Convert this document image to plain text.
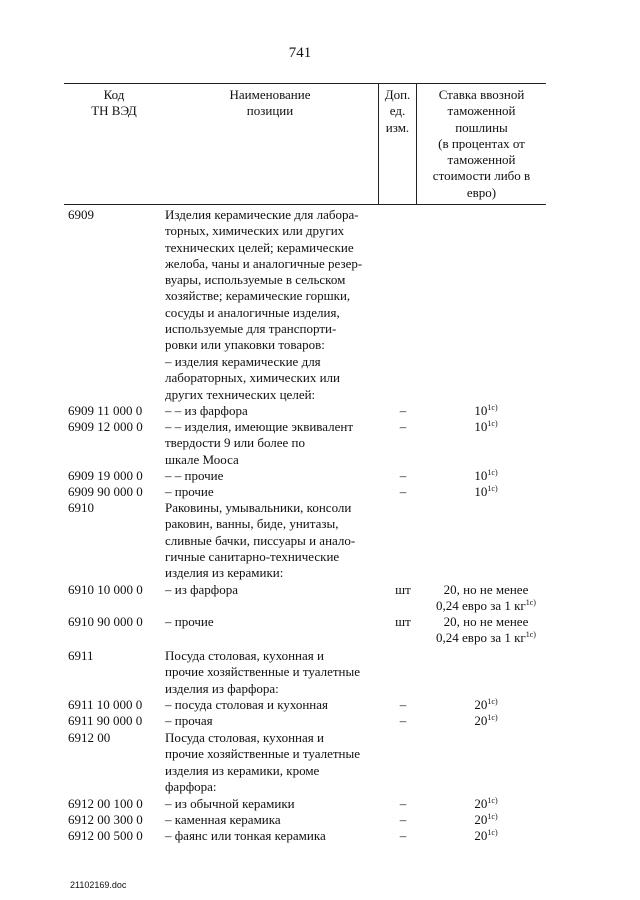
741
Код
ТН ВЭД
Наименование
позиции
Доп.
ед.
изм.
Ставка ввозной
таможенной
пошлины
(в процентах от
таможенной
стоимости либо в
евро)
6909	Изделия керамические для лабора-
торных, химических или других
технических целей; керамические
желоба, чаны и аналогичные резер-
вуары, используемые в сельском
хозяйстве; керамические горшки,
сосуды и аналогичные изделия,
используемые для транспорти-
ровки или упаковки товаров:
– изделия керамические для
лабораторных, химических или
других технических целей:
6909 11 000 0 – – из фарфора	–	$10^{1c)}$
6909 12 000 0 – – изделия, имеющие эквивалент
твердости 9 или более по
шкале Мооса
–	$10^{1c)}$
6909 19 000 0 – – прочие	–	$10^{1c)}$
6909 90 000 0 – прочие	–	$10^{1c)}$
6910	Раковины, умывальники, консоли
раковин, ванны, биде, унитазы,
сливные бачки, писсуары и анало-
гичные санитарно-технические
изделия из керамики:
6910 10 000 0 – из фарфора	шт	20, но не менее
0,24 евро за 1 $кг^{1c)}$
6910 90 000 0 – прочие	шт	20, но не менее
0,24 евро за 1 $кг^{1c)}$
6911	Посуда столовая, кухонная и
прочие хозяйственные и туалетные
изделия из фарфора:
6911 10 000 0 – посуда столовая и кухонная	–	$20^{1c)}$
6911 90 000 0 – прочая	–	$20^{1c)}$
6912 00	Посуда столовая, кухонная и
прочие хозяйственные и туалетные
изделия из керамики, кроме
фарфора:
6912 00 100 0 – из обычной керамики	–	$20^{1c)}$
6912 00 300 0 – каменная керамика	–	$20^{1c)}$
6912 00 500 0 – фаянс или тонкая керамика	–	$20^{1c)}$
21102169.doc
